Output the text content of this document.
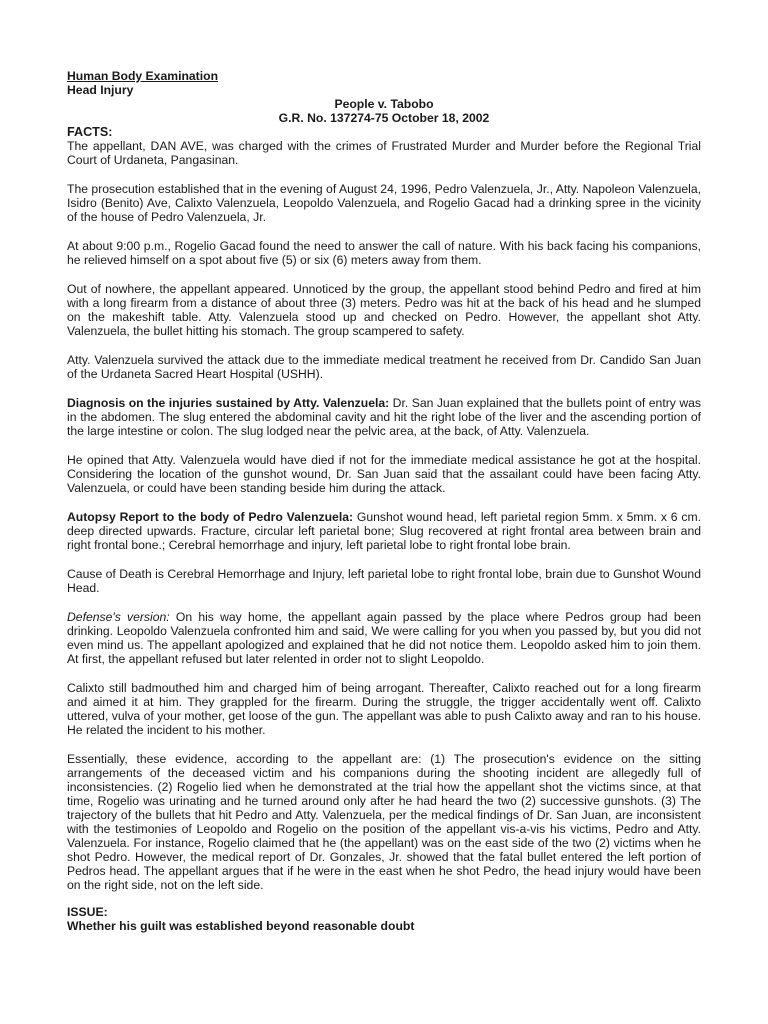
Human Body Examination
Head Injury
People v. Tabobo
G.R. No. 137274-75 October 18, 2002
FACTS:

The appellant, DAN AVE, was charged with the crimes of Frustrated Murder and Murder before the Regional Trial Court of Urdaneta, Pangasinan.

The prosecution established that in the evening of August 24, 1996, Pedro Valenzuela, Jr., Atty. Napoleon Valenzuela, Isidro (Benito) Ave, Calixto Valenzuela, Leopoldo Valenzuela, and Rogelio Gacad had a drinking spree in the vicinity of the house of Pedro Valenzuela, Jr.

At about 9:00 p.m., Rogelio Gacad found the need to answer the call of nature. With his back facing his companions, he relieved himself on a spot about five (5) or six (6) meters away from them.

Out of nowhere, the appellant appeared. Unnoticed by the group, the appellant stood behind Pedro and fired at him with a long firearm from a distance of about three (3) meters. Pedro was hit at the back of his head and he slumped on the makeshift table. Atty. Valenzuela stood up and checked on Pedro. However, the appellant shot Atty. Valenzuela, the bullet hitting his stomach. The group scampered to safety.

Atty. Valenzuela survived the attack due to the immediate medical treatment he received from Dr. Candido San Juan of the Urdaneta Sacred Heart Hospital (USHH).

Diagnosis on the injuries sustained by Atty. Valenzuela: Dr. San Juan explained that the bullets point of entry was in the abdomen. The slug entered the abdominal cavity and hit the right lobe of the liver and the ascending portion of the large intestine or colon. The slug lodged near the pelvic area, at the back, of Atty. Valenzuela.

He opined that Atty. Valenzuela would have died if not for the immediate medical assistance he got at the hospital. Considering the location of the gunshot wound, Dr. San Juan said that the assailant could have been facing Atty. Valenzuela, or could have been standing beside him during the attack.

Autopsy Report to the body of Pedro Valenzuela: Gunshot wound head, left parietal region 5mm. x 5mm. x 6 cm. deep directed upwards. Fracture, circular left parietal bone; Slug recovered at right frontal area between brain and right frontal bone.; Cerebral hemorrhage and injury, left parietal lobe to right frontal lobe brain.

Cause of Death is Cerebral Hemorrhage and Injury, left parietal lobe to right frontal lobe, brain due to Gunshot Wound Head.

Defense's version: On his way home, the appellant again passed by the place where Pedros group had been drinking. Leopoldo Valenzuela confronted him and said, We were calling for you when you passed by, but you did not even mind us. The appellant apologized and explained that he did not notice them. Leopoldo asked him to join them. At first, the appellant refused but later relented in order not to slight Leopoldo.

Calixto still badmouthed him and charged him of being arrogant. Thereafter, Calixto reached out for a long firearm and aimed it at him. They grappled for the firearm. During the struggle, the trigger accidentally went off. Calixto uttered, vulva of your mother, get loose of the gun. The appellant was able to push Calixto away and ran to his house. He related the incident to his mother.

Essentially, these evidence, according to the appellant are: (1) The prosecution's evidence on the sitting arrangements of the deceased victim and his companions during the shooting incident are allegedly full of inconsistencies. (2) Rogelio lied when he demonstrated at the trial how the appellant shot the victims since, at that time, Rogelio was urinating and he turned around only after he had heard the two (2) successive gunshots. (3) The trajectory of the bullets that hit Pedro and Atty. Valenzuela, per the medical findings of Dr. San Juan, are inconsistent with the testimonies of Leopoldo and Rogelio on the position of the appellant vis-a-vis his victims, Pedro and Atty. Valenzuela. For instance, Rogelio claimed that he (the appellant) was on the east side of the two (2) victims when he shot Pedro. However, the medical report of Dr. Gonzales, Jr. showed that the fatal bullet entered the left portion of Pedros head. The appellant argues that if he were in the east when he shot Pedro, the head injury would have been on the right side, not on the left side.

ISSUE:
Whether his guilt was established beyond reasonable doubt
